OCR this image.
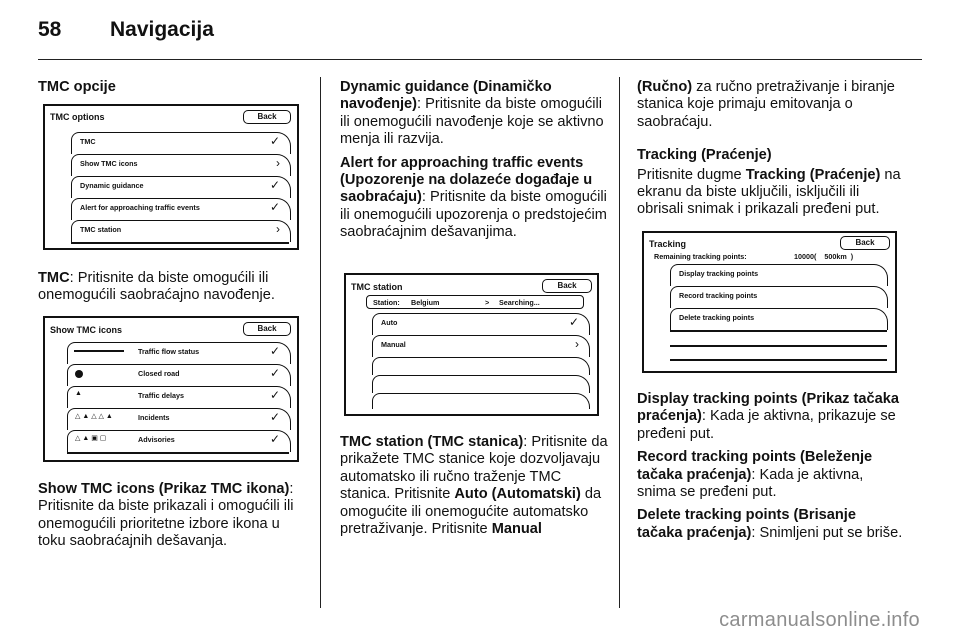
58 Navigacija
TMC opcije
TMC options	Back
TMC	✓
Show TMC icons	›
Dynamic guidance	✓
Alert for approaching traffic events	✓
TMC station	›

TMC: Pritisnite da biste omogućili ili onemogućili saobraćajno navođenje.

Show TMC icons	Back
Traffic flow status	✓
Closed road	✓
▲	Traffic delays	✓
△ ▲ △ △ ▲	Incidents	✓
△ ▲ ▣ ▢	Advisories	✓

Show TMC icons (Prikaz TMC ikona): Pritisnite da biste prikazali i omogućili ili onemogućili prioritetne izbore ikona u toku saobraćajnih dešavanja.

Dynamic guidance (Dinamičko navođenje): Pritisnite da biste omogućili ili onemogućili navođenje koje se aktivno menja ili razvija.

Alert for approaching traffic events (Upozorenje na dolazeće događaje u saobraćaju): Pritisnite da biste omogućili ili onemogućili upozorenja o predstojećim saobraćajnim dešavanjima.

TMC station	Back
Station: Belgium	> Searching...
Auto	✓
Manual	›

TMC station (TMC stanica): Pritisnite da prikažete TMC stanice koje dozvoljavaju automatsko ili ručno traženje TMC stanica. Pritisnite Auto (Automatski) da omogućite ili onemogućite automatsko pretraživanje. Pritisnite Manual

(Ručno) za ručno pretraživanje i biranje stanica koje primaju emitovanja o saobraćaju.

Tracking (Praćenje)

Pritisnite dugme Tracking (Praćenje) na ekranu da biste uključili, isključili ili obrisali snimak i prikazali pređeni put.

Tracking	Back
Remaining tracking points:	10000(    500km  )
Display tracking points
Record tracking points
Delete tracking points

Display tracking points (Prikaz tačaka praćenja): Kada je aktivna, prikazuje se pređeni put.

Record tracking points (Beleženje tačaka praćenja): Kada je aktivna, snima se pređeni put.

Delete tracking points (Brisanje tačaka praćenja): Snimljeni put se briše.

carmanualsonline.info
